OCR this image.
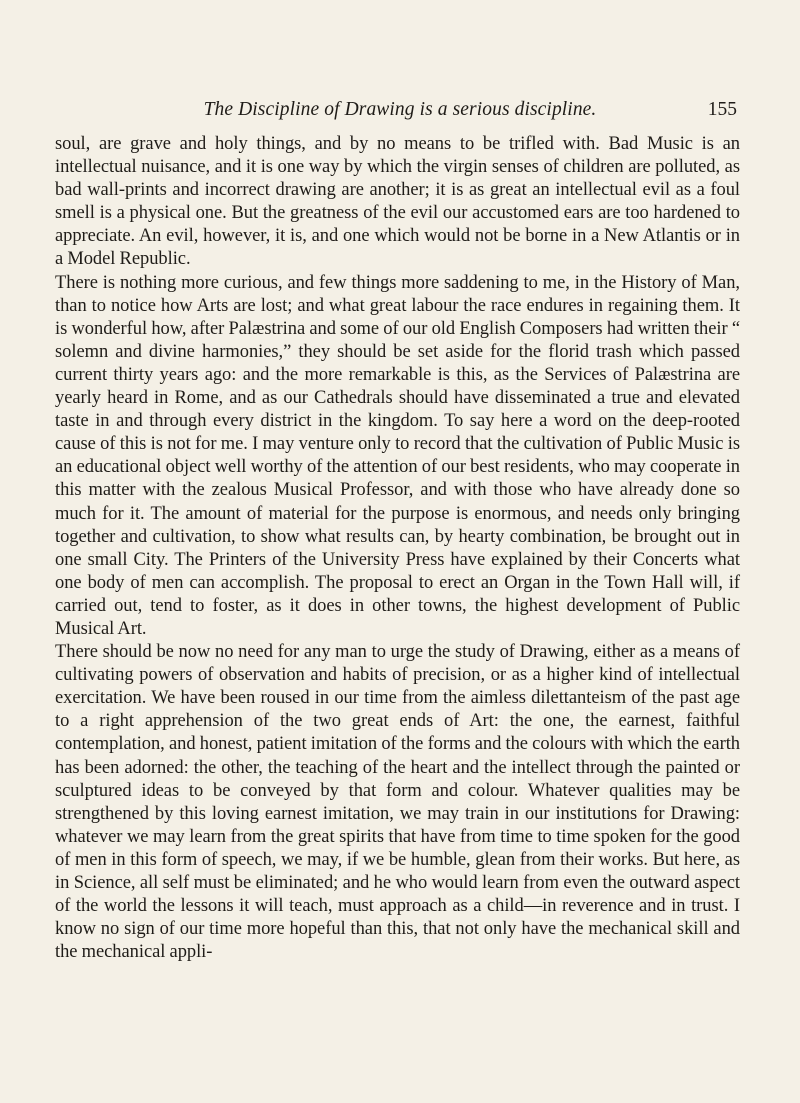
The Discipline of Drawing is a serious discipline.	155

soul, are grave and holy things, and by no means to be trifled with. Bad Music is an intellectual nuisance, and it is one way by which the virgin senses of children are polluted, as bad wall-prints and incorrect drawing are another; it is as great an intellectual evil as a foul smell is a physical one. But the greatness of the evil our accustomed ears are too hardened to appreciate. An evil, however, it is, and one which would not be borne in a New Atlantis or in a Model Republic.

There is nothing more curious, and few things more saddening to me, in the History of Man, than to notice how Arts are lost; and what great labour the race endures in regaining them. It is wonderful how, after Palæstrina and some of our old English Composers had written their “ solemn and divine harmonies,” they should be set aside for the florid trash which passed current thirty years ago: and the more remarkable is this, as the Services of Palæstrina are yearly heard in Rome, and as our Cathedrals should have disseminated a true and elevated taste in and through every district in the kingdom. To say here a word on the deep-rooted cause of this is not for me. I may venture only to record that the cultivation of Public Music is an educational object well worthy of the attention of our best residents, who may cooperate in this matter with the zealous Musical Professor, and with those who have already done so much for it. The amount of material for the purpose is enormous, and needs only bringing together and cultivation, to show what results can, by hearty combination, be brought out in one small City. The Printers of the University Press have explained by their Concerts what one body of men can accomplish. The proposal to erect an Organ in the Town Hall will, if carried out, tend to foster, as it does in other towns, the highest development of Public Musical Art.

There should be now no need for any man to urge the study of Drawing, either as a means of cultivating powers of observation and habits of precision, or as a higher kind of intellectual exercitation. We have been roused in our time from the aimless dilettanteism of the past age to a right apprehension of the two great ends of Art: the one, the earnest, faithful contemplation, and honest, patient imitation of the forms and the colours with which the earth has been adorned: the other, the teaching of the heart and the intellect through the painted or sculptured ideas to be conveyed by that form and colour. Whatever qualities may be strengthened by this loving earnest imitation, we may train in our institutions for Drawing: whatever we may learn from the great spirits that have from time to time spoken for the good of men in this form of speech, we may, if we be humble, glean from their works. But here, as in Science, all self must be eliminated; and he who would learn from even the outward aspect of the world the lessons it will teach, must approach as a child—in reverence and in trust. I know no sign of our time more hopeful than this, that not only have the mechanical skill and the mechanical appli-
